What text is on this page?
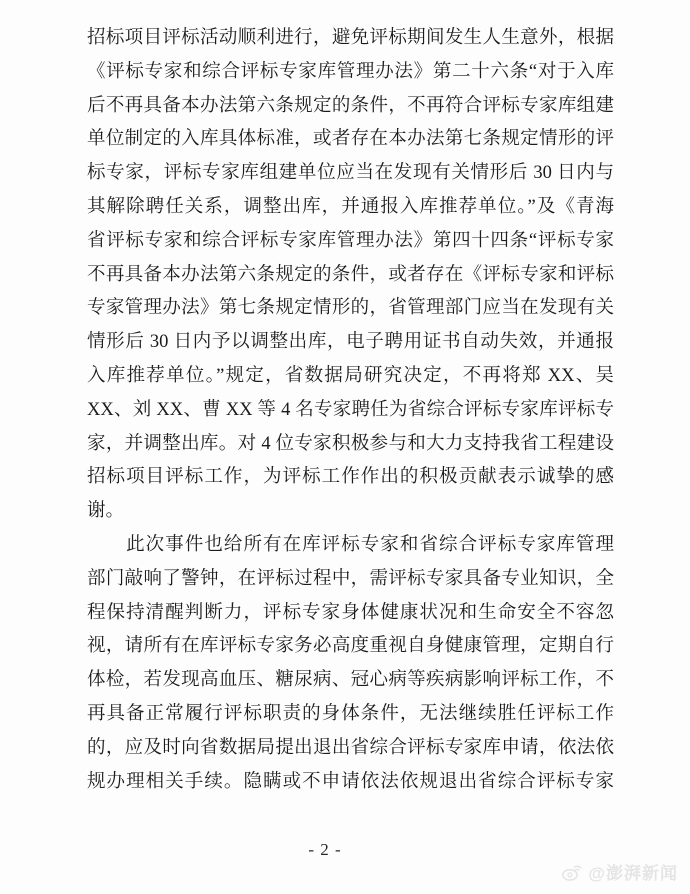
招标项目评标活动顺利进行，避免评标期间发生人生意外，根据
《评标专家和综合评标专家库管理办法》第二十六条“对于入库
后不再具备本办法第六条规定的条件，不再符合评标专家库组建
单位制定的入库具体标准，或者存在本办法第七条规定情形的评
标专家，评标专家库组建单位应当在发现有关情形后 30 日内与
其解除聘任关系，调整出库，并通报入库推荐单位。”及《青海
省评标专家和综合评标专家库管理办法》第四十四条“评标专家
不再具备本办法第六条规定的条件，或者存在《评标专家和评标
专家管理办法》第七条规定情形的，省管理部门应当在发现有关
情形后 30 日内予以调整出库，电子聘用证书自动失效，并通报
入库推荐单位。”规定，省数据局研究决定，不再将郑 XX、吴
XX、刘 XX、曹 XX 等 4 名专家聘任为省综合评标专家库评标专
家，并调整出库。对 4 位专家积极参与和大力支持我省工程建设
招标项目评标工作，为评标工作作出的积极贡献表示诚挚的感
谢。
　　此次事件也给所有在库评标专家和省综合评标专家库管理
部门敲响了警钟，在评标过程中，需评标专家具备专业知识，全
程保持清醒判断力，评标专家身体健康状况和生命安全不容忽
视，请所有在库评标专家务必高度重视自身健康管理，定期自行
体检，若发现高血压、糖尿病、冠心病等疾病影响评标工作，不
再具备正常履行评标职责的身体条件，无法继续胜任评标工作
的，应及时向省数据局提出退出省综合评标专家库申请，依法依
规办理相关手续。隐瞒或不申请依法依规退出省综合评标专家
- 2 -
@澎湃新闻
